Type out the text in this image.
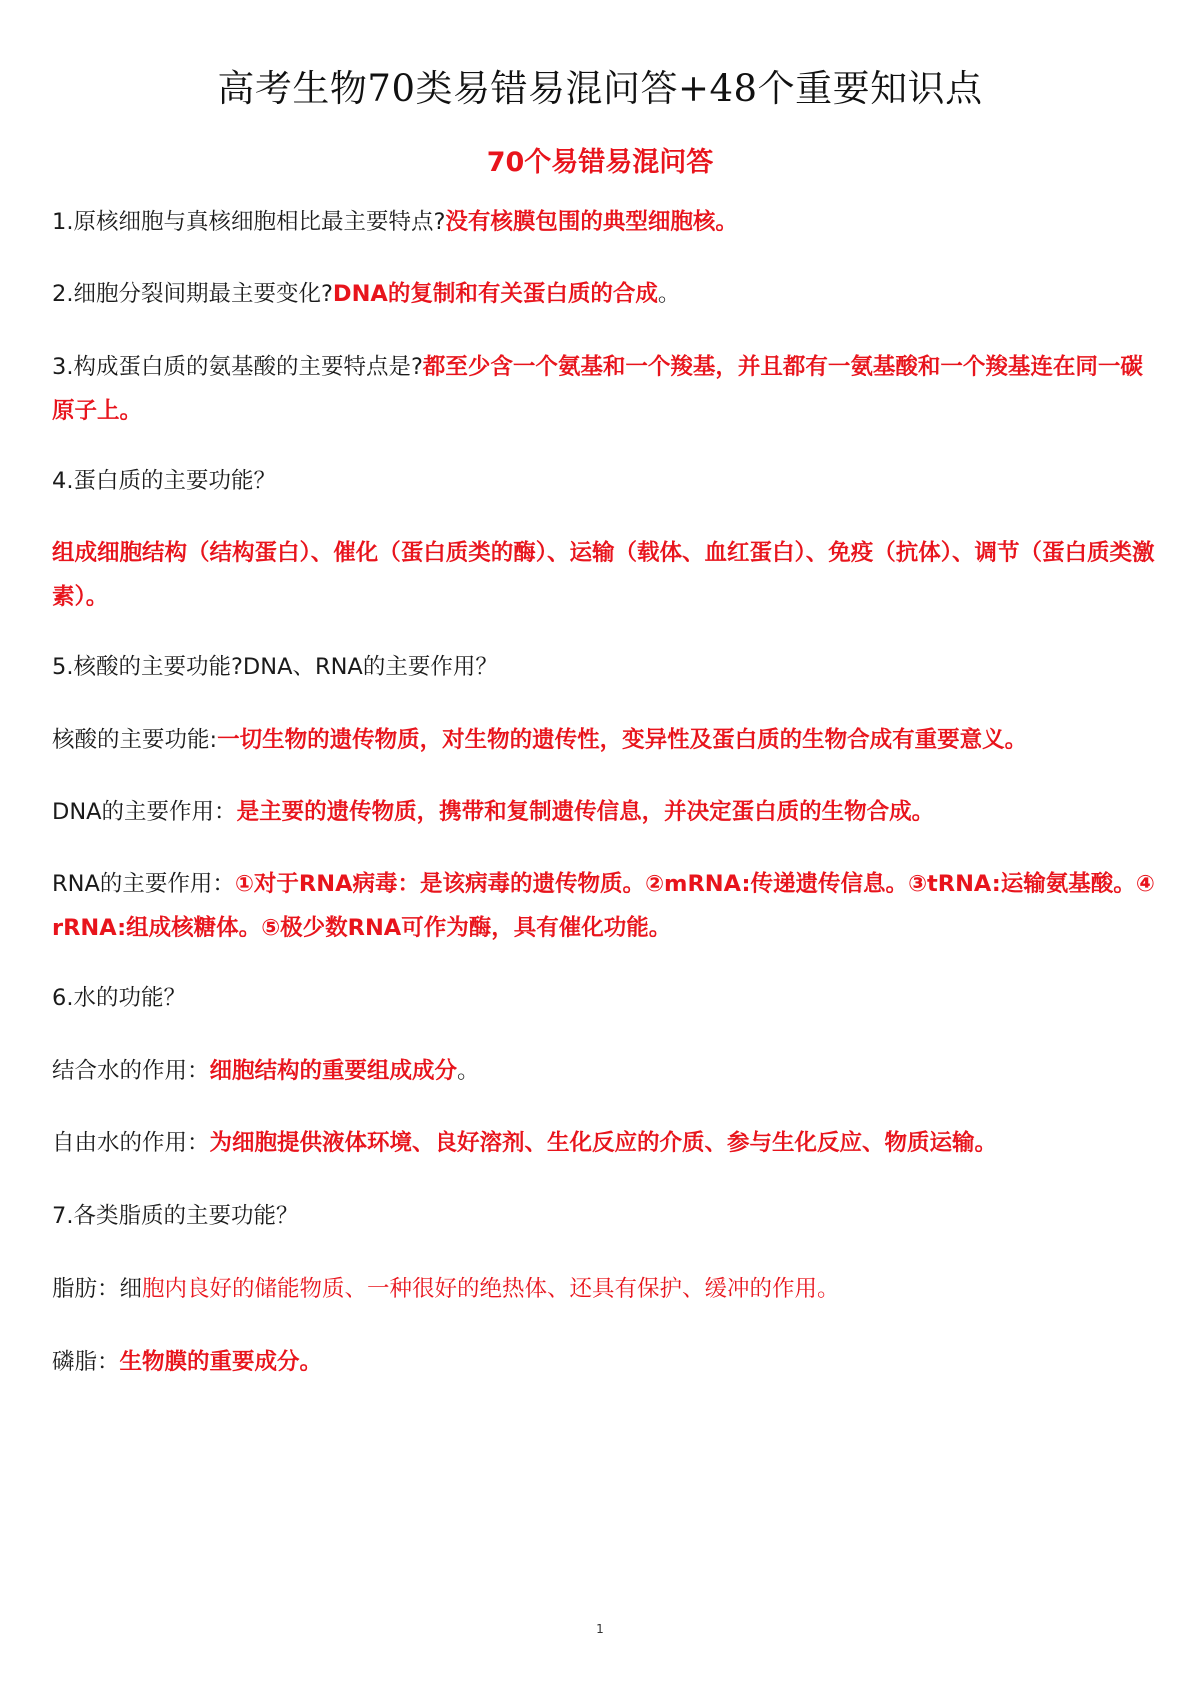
高考生物70类易错易混问答+48个重要知识点
70个易错易混问答
1.原核细胞与真核细胞相比最主要特点?没有核膜包围的典型细胞核。
2.细胞分裂间期最主要变化?DNA的复制和有关蛋白质的合成。
3.构成蛋白质的氨基酸的主要特点是?都至少含一个氨基和一个羧基，并且都有一氨基酸和一个羧基连在同一碳原子上。
4.蛋白质的主要功能？
组成细胞结构（结构蛋白）、催化（蛋白质类的酶）、运输（载体、血红蛋白）、免疫（抗体）、调节（蛋白质类激素）。
5.核酸的主要功能?DNA、RNA的主要作用？
核酸的主要功能:一切生物的遗传物质，对生物的遗传性，变异性及蛋白质的生物合成有重要意义。
DNA的主要作用：是主要的遗传物质，携带和复制遗传信息，并决定蛋白质的生物合成。
RNA的主要作用：①对于RNA病毒：是该病毒的遗传物质。②mRNA:传递遗传信息。③tRNA:运输氨基酸。④rRNA:组成核糖体。⑤极少数RNA可作为酶，具有催化功能。
6.水的功能？
结合水的作用：细胞结构的重要组成成分。
自由水的作用：为细胞提供液体环境、良好溶剂、生化反应的介质、参与生化反应、物质运输。
7.各类脂质的主要功能？
脂肪：细胞内良好的储能物质、一种很好的绝热体、还具有保护、缓冲的作用。
磷脂：生物膜的重要成分。
1
